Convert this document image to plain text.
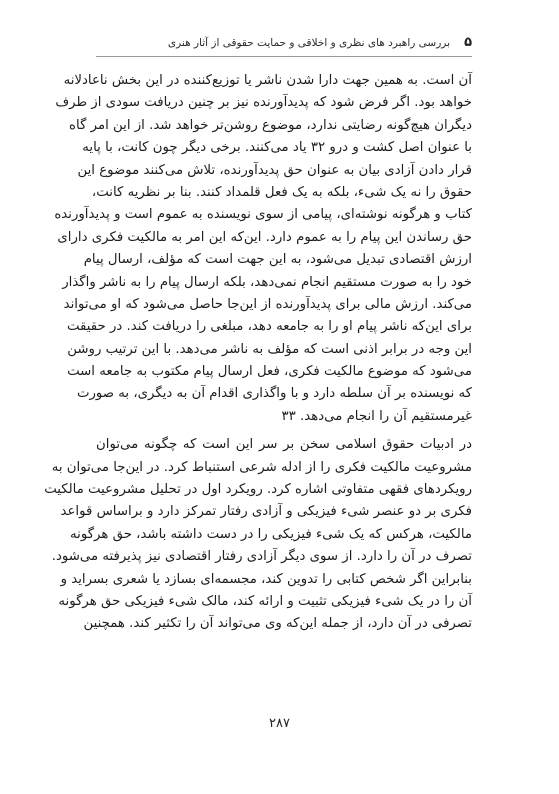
بررسی راهبرد های نظری و اخلاقی و حمایت حقوقی از آثار هنری ۵
آن است. به همین جهت دارا شدن ناشر یا توزیع‌کننده در این بخش ناعادلانه
خواهد بود. اگر فرض شود که پدیدآورنده نیز بر چنین دریافت سودی از طرف
دیگران هیچ‌گونه رضایتی ندارد، موضوع روشن‌تر خواهد شد. از این امر گاه
با عنوان اصل کشت و درو ۳۲ یاد می‌کنند. برخی دیگر چون کانت، با پایه
قرار دادن آزادی بیان به عنوان حق پدیدآورنده، تلاش می‌کنند موضوع این
حقوق را نه یک شیء، بلکه به یک فعل قلمداد کنند. بنا بر نظریه کانت،
کتاب و هرگونه نوشته‌ای، پیامی از سوی نویسنده به عموم است و پدیدآورنده
حق رساندن این پیام را به عموم دارد. این‌که این امر به مالکیت فکری دارای
ارزش اقتصادی تبدیل می‌شود، به این جهت است که مؤلف، ارسال پیام
خود را به صورت مستقیم انجام نمی‌دهد، بلکه ارسال پیام را به ناشر واگذار
می‌کند. ارزش مالی برای پدیدآورنده از این‌جا حاصل می‌شود که او می‌تواند
برای این‌که ناشر پیام او را به جامعه دهد، مبلغی را دریافت کند. در حقیقت
این وجه در برابر اذنی است که مؤلف به ناشر می‌دهد. با این ترتیب روشن
می‌شود که موضوع مالکیت فکری، فعل ارسال پیام مکتوب به جامعه است
که نویسنده بر آن سلطه دارد و با واگذاری اقدام آن به دیگری، به صورت
غیرمستقیم آن را انجام می‌دهد. ۳۳
در ادبیات حقوق اسلامی سخن بر سر این است که چگونه می‌توان
مشروعیت مالکیت فکری را از ادله شرعی استنباط کرد. در این‌جا می‌توان به
رویکردهای فقهی متفاوتی اشاره کرد. رویکرد اول در تحلیل مشروعیت مالکیت
فکری بر دو عنصر شیء فیزیکی و آزادی رفتار تمرکز دارد و براساس قواعد
مالکیت، هرکس که یک شیء فیزیکی را در دست داشته باشد، حق هرگونه
تصرف در آن را دارد. از سوی دیگر آزادی رفتار اقتصادی نیز پذیرفته می‌شود.
بنابراین اگر شخص کتابی را تدوین کند، مجسمه‌ای بسازد یا شعری بسراید و
آن را در یک شیء فیزیکی تثبیت و ارائه کند، مالک شیء فیزیکی حق هرگونه
تصرفی در آن دارد، از جمله این‌که وی می‌تواند آن را تکثیر کند. همچنین
۲۸۷
